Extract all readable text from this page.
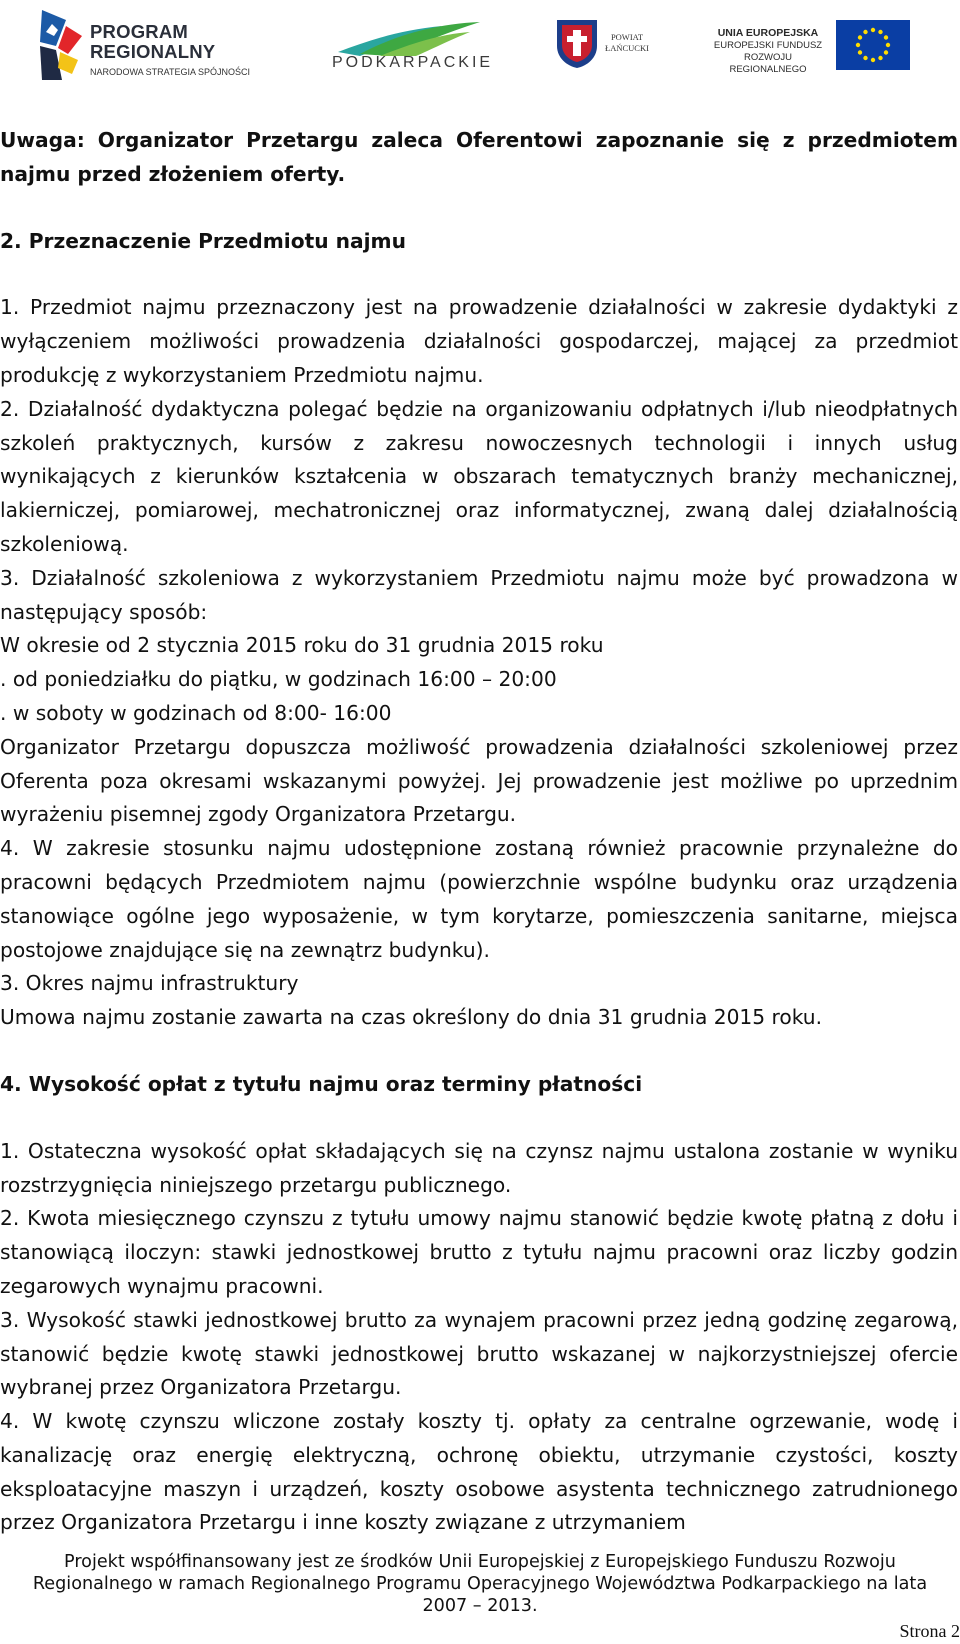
PROGRAM
REGIONALNY
NARODOWA STRATEGIA SPÓJNOŚCI
PODKARPACKIE
POWIAT
ŁAŃCUCKI
UNIA EUROPEJSKA
EUROPEJSKI FUNDUSZ
ROZWOJU REGIONALNEGO

Uwaga: Organizator Przetargu zaleca Oferentowi zapoznanie się z przedmiotem najmu przed złożeniem oferty.

2. Przeznaczenie Przedmiotu najmu

1. Przedmiot najmu przeznaczony jest na prowadzenie działalności w zakresie dydaktyki z wyłączeniem możliwości prowadzenia działalności gospodarczej, mającej za przedmiot produkcję z wykorzystaniem Przedmiotu najmu.

2. Działalność dydaktyczna polegać będzie na organizowaniu odpłatnych i/lub nieodpłatnych szkoleń praktycznych, kursów z zakresu nowoczesnych technologii i innych usług wynikających z kierunków kształcenia w obszarach tematycznych branży mechanicznej, lakierniczej, pomiarowej, mechatronicznej oraz informatycznej, zwaną dalej działalnością szkoleniową.

3. Działalność szkoleniowa z wykorzystaniem Przedmiotu najmu może być prowadzona w następujący sposób:

W okresie od 2 stycznia 2015 roku do 31 grudnia 2015 roku

. od poniedziałku do piątku, w godzinach 16:00 – 20:00

. w soboty w godzinach od 8:00- 16:00

Organizator Przetargu dopuszcza możliwość prowadzenia działalności szkoleniowej przez Oferenta poza okresami wskazanymi powyżej. Jej prowadzenie jest możliwe po uprzednim wyrażeniu pisemnej zgody Organizatora Przetargu.

4. W zakresie stosunku najmu udostępnione zostaną również pracownie przynależne do pracowni będących Przedmiotem najmu (powierzchnie wspólne budynku oraz urządzenia stanowiące ogólne jego wyposażenie, w tym korytarze, pomieszczenia sanitarne, miejsca postojowe znajdujące się na zewnątrz budynku).

3. Okres najmu infrastruktury

Umowa najmu zostanie zawarta na czas określony do dnia 31 grudnia 2015 roku.

4. Wysokość opłat z tytułu najmu oraz terminy płatności

1. Ostateczna wysokość opłat składających się na czynsz najmu ustalona zostanie w wyniku rozstrzygnięcia niniejszego przetargu publicznego.

2. Kwota miesięcznego czynszu z tytułu umowy najmu stanowić będzie kwotę płatną z dołu i stanowiącą iloczyn: stawki jednostkowej brutto z tytułu najmu pracowni oraz liczby godzin zegarowych wynajmu pracowni.

3. Wysokość stawki jednostkowej brutto za wynajem pracowni przez jedną godzinę zegarową, stanowić będzie kwotę stawki jednostkowej brutto wskazanej w najkorzystniejszej ofercie wybranej przez Organizatora Przetargu.

4. W kwotę czynszu wliczone zostały koszty tj. opłaty za centralne ogrzewanie, wodę i kanalizację oraz energię elektryczną, ochronę obiektu, utrzymanie czystości, koszty eksploatacyjne maszyn i urządzeń, koszty osobowe asystenta technicznego zatrudnionego przez Organizatora Przetargu i inne koszty związane z utrzymaniem

Projekt współfinansowany jest ze środków Unii Europejskiej z Europejskiego Funduszu Rozwoju
Regionalnego w ramach Regionalnego Programu Operacyjnego Województwa Podkarpackiego na lata
2007 – 2013.
Strona 2
